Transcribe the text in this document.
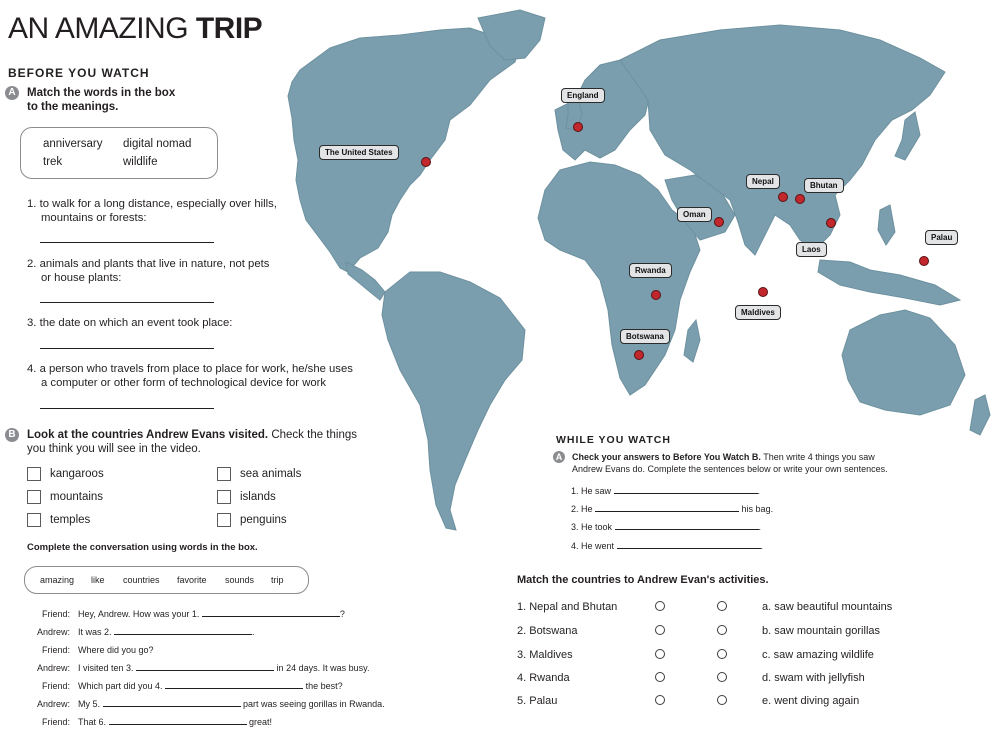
England
The United States
Nepal	Bhutan
Oman
Palau
Laos
Rwanda
Maldives
Botswana
AN AMAZING TRIP
BEFORE YOU WATCH
A Match the words in the box
to the meanings.
anniversary digital nomad
trek	wildlife
1. to walk for a long distance, especially over hills,
mountains or forests:
2. animals and plants that live in nature, not pets
or house plants:
3. the date on which an event took place:
4. a person who travels from place to place for work, he/she uses
a computer or other form of technological device for work
B Look at the countries Andrew Evans visited. Check the things
you think you will see in the video.
kangaroos	sea animals
mountains	islands
temples	penguins
Complete the conversation using words in the box.
amazing like countries favorite sounds trip
Friend: Hey, Andrew. How was your 1.	?
Andrew: It was 2.	.
Friend: Where did you go?
Andrew: I visited ten 3.	in 24 days. It was busy.
Friend: Which part did you 4.	the best?
Andrew: My 5.	part was seeing gorillas in Rwanda.
Friend: That 6.	great!
WHILE YOU WATCH
A	Check your answers to Before You Watch B. Then write 4 things you saw
Andrew Evans do. Complete the sentences below or write your own sentences.
1. He saw	.
2. He	his bag.
3. He took	.
4. He went	.
Match the countries to Andrew Evan's activities.
1. Nepal and Bhutan	a. saw beautiful mountains
2. Botswana	b. saw mountain gorillas
3. Maldives	c. saw amazing wildlife
4. Rwanda	d. swam with jellyfish
5. Palau	e. went diving again
